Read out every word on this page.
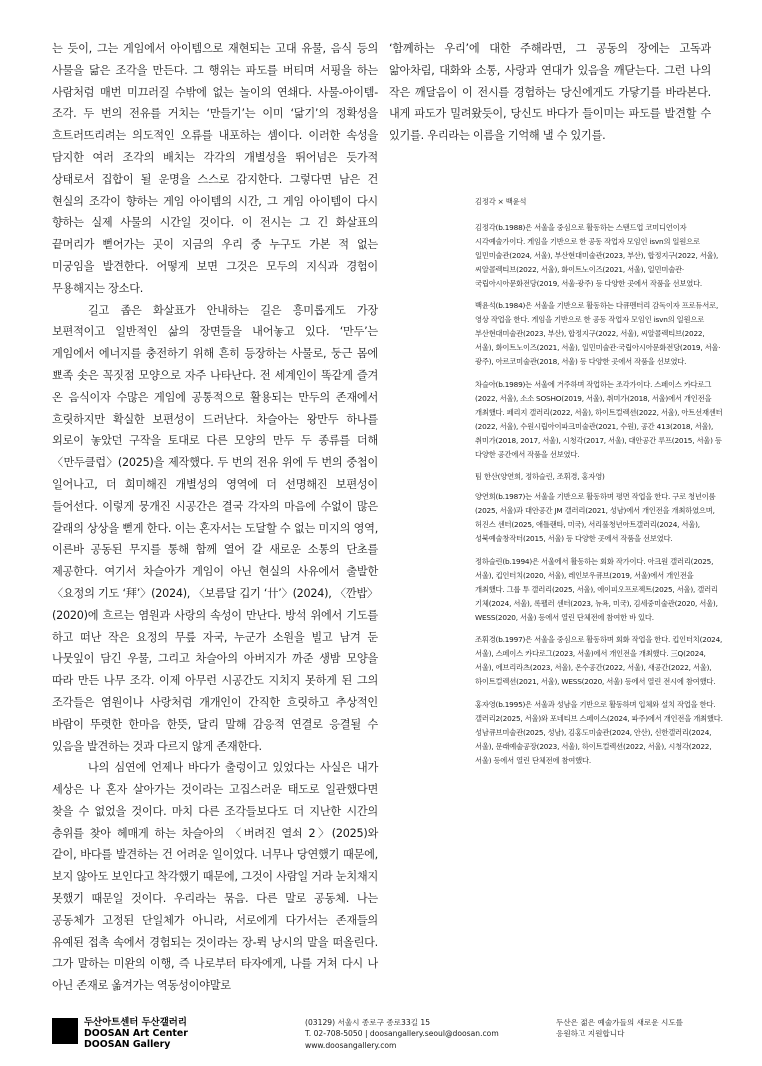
는 듯이, 그는 게임에서 아이템으로 재현되는 고대 유물, 음식 등의 사물을 닮은 조각을 만든다. 그 행위는 파도를 버티며 서핑을 하는 사람처럼 매번 미끄러질 수밖에 없는 놀이의 연쇄다. 사물-아이템-조각. 두 번의 전유를 거치는 ‘만들기’는 이미 ‘닮기’의 정확성을 흐트러뜨리려는 의도적인 오류를 내포하는 셈이다. 이러한 속성을 담지한 여러 조각의 배치는 각각의 개별성을 뛰어넘은 듯가적 상태로서 집합이 될 운명을 스스로 감지한다. 그렇다면 남은 건 현실의 조각이 향하는 게임 아이템의 시간, 그 게임 아이템이 다시 향하는 실제 사물의 시간일 것이다. 이 전시는 그 긴 화살표의 끝머리가 뻗어가는 곳이 지금의 우리 중 누구도 가본 적 없는 미궁임을 발견한다. 어떻게 보면 그것은 모두의 지식과 경험이 무용해지는 장소다.

길고 좁은 화살표가 안내하는 길은 흥미롭게도 가장 보편적이고 일반적인 삶의 장면들을 내어놓고 있다. ‘만두’는 게임에서 에너지를 충전하기 위해 흔히 등장하는 사물로, 둥근 몸에 뾰족 솟은 꼭짓점 모양으로 자주 나타난다. 전 세계인이 똑같게 즐겨 온 음식이자 수많은 게임에 공통적으로 활용되는 만두의 존재에서 흐릿하지만 확실한 보편성이 드러난다. 차슬아는 왕만두 하나를 외로이 놓았던 구작을 토대로 다른 모양의 만두 두 종류를 더해 〈만두클럽〉(2025)을 제작했다. 두 번의 전유 위에 두 번의 중첩이 일어나고, 더 희미해진 개별성의 영역에 더 선명해진 보편성이 들어선다. 이렇게 뭉개진 시공간은 결국 각자의 마음에 수없이 많은 갈래의 상상을 뻗게 한다. 이는 혼자서는 도달할 수 없는 미지의 영역, 이른바 공동된 무지를 통해 함께 열어 갈 새로운 소통의 단초를 제공한다. 여기서 차슬아가 게임이 아닌 현실의 사유에서 출발한 〈요정의 기도 ‘拜’〉(2024), 〈보름달 깁기 ‘卄’〉(2024), 〈깐밥〉(2020)에 흐르는 염원과 사랑의 속성이 만난다. 방석 위에서 기도를 하고 떠난 작은 요정의 무릎 자국, 누군가 소원을 빌고 남겨 둔 나뭇잎이 담긴 우물, 그리고 차슬아의 아버지가 까준 생밤 모양을 따라 만든 나무 조각. 이제 아무런 시공간도 지치지 못하게 된 그의 조각들은 염원이나 사랑처럼 개개인이 간직한 흐릿하고 추상적인 바람이 뚜렷한 한마음 한뜻, 달리 말해 감응적 연결로 응결될 수 있음을 발견하는 것과 다르지 않게 존재한다.

나의 심연에 언제나 바다가 출렁이고 있었다는 사실은 내가 세상은 나 혼자 살아가는 것이라는 고집스러운 태도로 일관했다면 찾을 수 없었을 것이다. 마치 다른 조각들보다도 더 지난한 시간의 층위를 찾아 헤매게 하는 차슬아의 〈버려진 열쇠 2〉(2025)와 같이, 바다를 발견하는 건 어려운 일이었다. 너무나 당연했기 때문에, 보지 않아도 보인다고 착각했기 때문에, 그것이 사람일 거라 눈치채지 못했기 때문일 것이다. 우리라는 묶음. 다른 말로 공동체. 나는 공동체가 고정된 단일체가 아니라, 서로에게 다가서는 존재들의 유예된 접촉 속에서 경험되는 것이라는 장-뤽 낭시의 말을 떠올린다. 그가 말하는 미완의 이행, 즉 나로부터 타자에게, 나를 거쳐 다시 나 아닌 존재로 옮겨가는 역동성이야말로

‘함께하는 우리’에 대한 주해라면, 그 공동의 장에는 고독과 앎아차림, 대화와 소통, 사랑과 연대가 있음을 깨닫는다. 그런 나의 작은 깨달음이 이 전시를 경험하는 당신에게도 가닿기를 바라본다. 내게 파도가 밀려왔듯이, 당신도 바다가 들이미는 파도를 발견할 수 있기를. 우리라는 이름을 기억해 낼 수 있기를.

김정각 × 백윤석

김정각(b.1988)은 서울을 중심으로 활동하는 스탠드업 코미디언이자 시각예술가이다. 게임을 기반으로 한 공동 작업자 모임인 isvn의 일원으로 일민미술관(2024, 서울), 부산현대미술관(2023, 부산), 합정지구(2022, 서울), 씨알콜렉티브(2022, 서울), 화이트노이즈(2021, 서울), 일민미술관·국립아시아문화전당(2019, 서울·광주) 등 다양한 곳에서 작품을 선보였다.

백윤석(b.1984)은 서울을 기반으로 활동하는 다큐멘터리 감독이자 프로듀서로, 영상 작업을 한다. 게임을 기반으로 한 공동 작업자 모임인 isvn의 일원으로 부산현대미술관(2023, 부산), 합정지구(2022, 서울), 씨알콜렉티브(2022, 서울), 화이트노이즈(2021, 서울), 일민미술관·국립아시아문화전당(2019, 서울·광주), 아르코미술관(2018, 서울) 등 다양한 곳에서 작품을 선보였다.

차슬아(b.1989)는 서울에 거주하며 작업하는 조각가이다. 스페이스 카다로그(2022, 서울), 소소 SOSHO(2019, 서울), 취미가(2018, 서울)에서 개인전을 개최했다. 페리지 갤러리(2022, 서울), 하이트컬렉션(2022, 서울), 아트선재센터(2022, 서울), 수원시립아이파크미술관(2021, 수원), 공간 413(2018, 서울), 취미가(2018, 2017, 서울), 시청각(2017, 서울), 대안공간 루프(2015, 서울) 등 다양한 공간에서 작품을 선보였다.

팀 한산(양연희, 정하슬린, 조휘경, 홍자영)

양연희(b.1987)는 서울을 기반으로 활동하며 평면 작업을 한다. 구로 청년이룸(2025, 서울)과 대안공간 JM 갤러리(2021, 성남)에서 개인전을 개최하였으며, 허진스 센터(2025, 애틀랜타, 미국), 서리풀청년아트갤러리(2024, 서울), 성북예술창작터(2015, 서울) 등 다양한 곳에서 작품을 선보였다.

정하슬린(b.1994)은 서울에서 활동하는 회화 작가이다. 아크원 갤러리(2025, 서울), 킵인터치(2020, 서울), 레인보우큐브(2019, 서울)에서 개인전을 개최했다. 그룹 투 갤러리(2025, 서울), 에이피오프로젝트(2025, 서울), 갤러리 기체(2024, 서울), 록펠러 센터(2023, 뉴욕, 미국), 김세중미술관(2020, 서울), WESS(2020, 서울) 등에서 열린 단체전에 참여한 바 있다.

조휘경(b.1997)은 서울을 중심으로 활동하며 회화 작업을 한다. 킵인터치(2024, 서울), 스페이스 카다로그(2023, 서울)에서 개인전을 개최했다. 三Q(2024, 서울), 에브리라츠(2023, 서울), 온수공간(2022, 서울), 새공간(2022, 서울), 하이트컬렉션(2021, 서울), WESS(2020, 서울) 등에서 열린 전시에 참여했다.

홍자영(b.1995)은 서울과 성남을 기반으로 활동하며 입체와 설치 작업을 한다. 갤러리2(2025, 서울)와 포네티브 스페이스(2024, 파주)에서 개인전을 개최했다. 성남큐브미술관(2025, 성남), 김홍도미술관(2024, 안산), 신한갤러리(2024, 서울), 문래예술공장(2023, 서울), 하이트컬렉션(2022, 서울), 시청각(2022, 서울) 등에서 열린 단체전에 참여했다.

두산아트센터 두산갤러리
DOOSAN Art Center
DOOSAN Gallery
(03129) 서울시 종로구 종로33길 15
T. 02-708-5050 | doosangallery.seoul@doosan.com
www.doosangallery.com
두산은 젊은 예술가들의 새로운 시도를
응원하고 지원합니다
